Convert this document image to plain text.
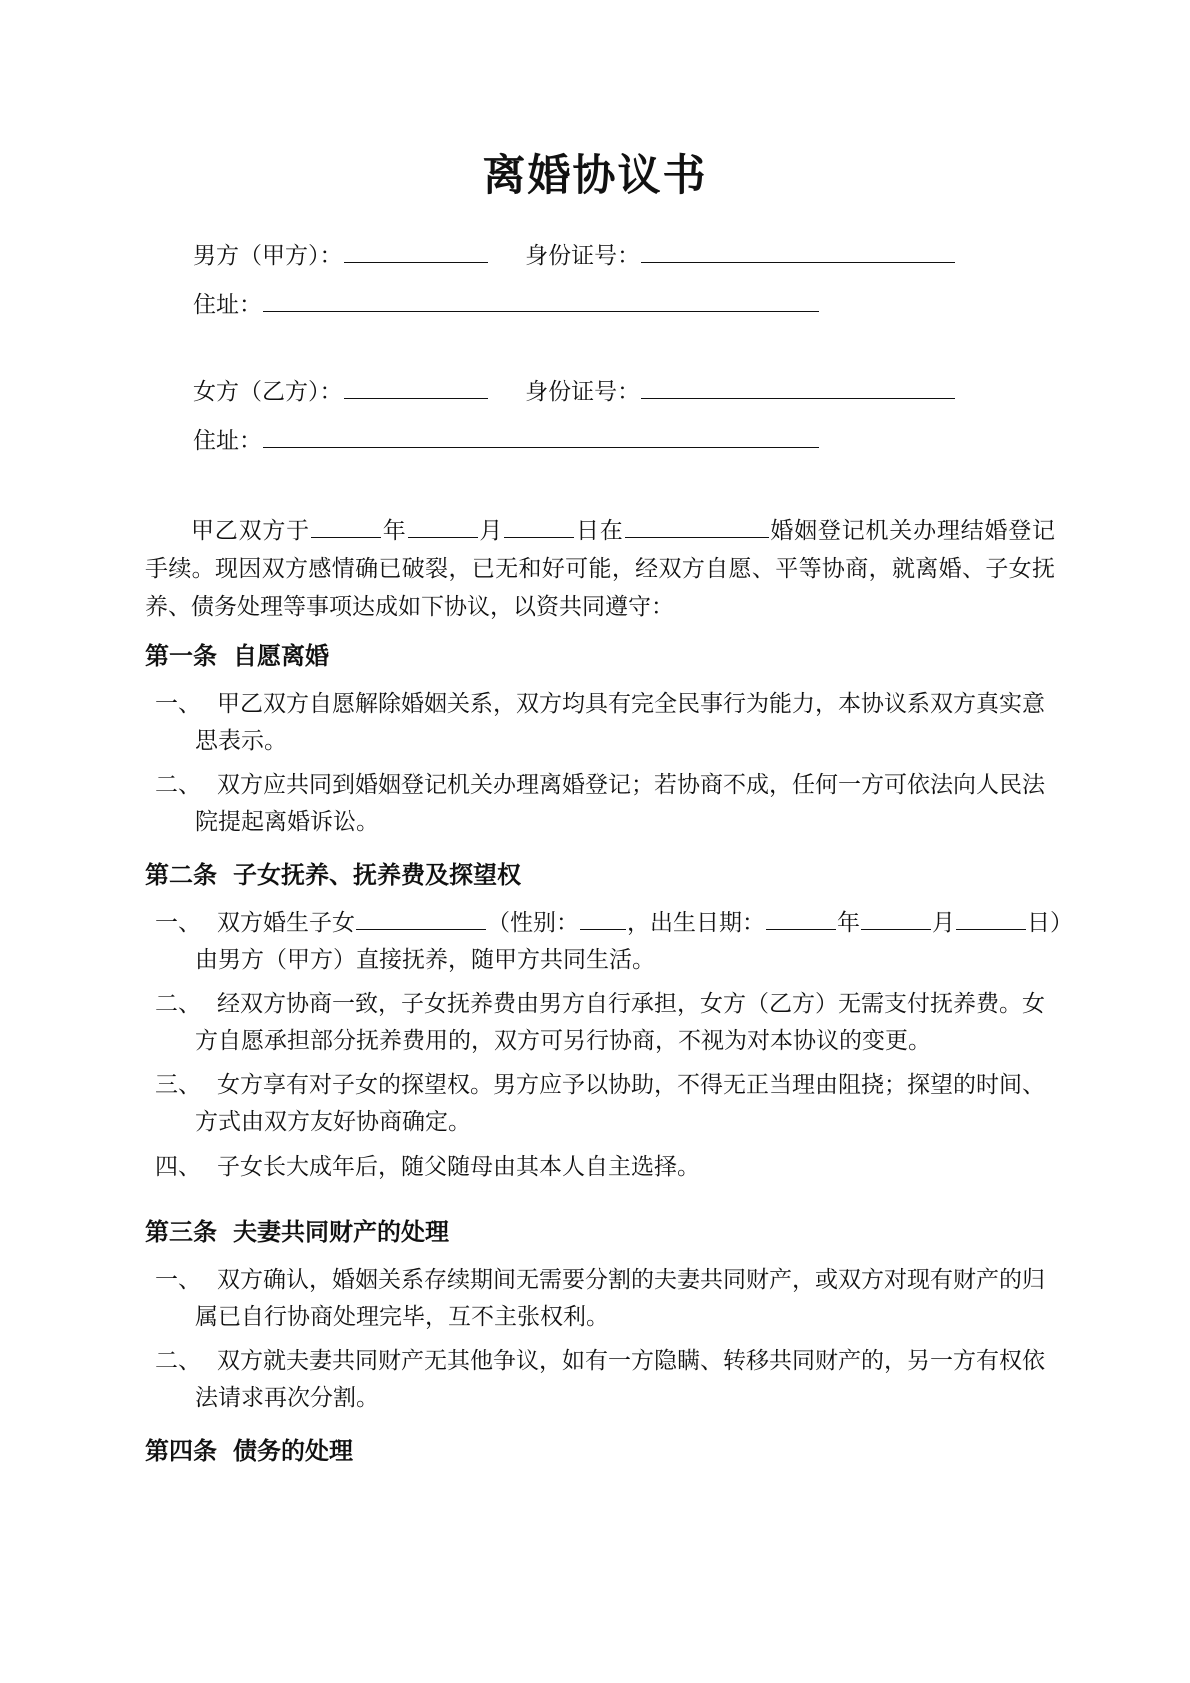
离婚协议书
男方（甲方）：	身份证号：
住址：
女方（乙方）：	身份证号：
住址：
甲乙双方于	年	月	日在	婚姻登记机关办理结婚登记手续。现因双方感情确已破裂，已无和好可能，经双方自愿、平等协商，就离婚、子女抚养、债务处理等事项达成如下协议，以资共同遵守：
第一条 自愿离婚
一、 甲乙双方自愿解除婚姻关系，双方均具有完全民事行为能力，本协议系双方真实意思表示。
二、 双方应共同到婚姻登记机关办理离婚登记；若协商不成，任何一方可依法向人民法院提起离婚诉讼。
第二条 子女抚养、抚养费及探望权
一、 双方婚生子女	（性别： ，出生日期：	年	月	日）由男方（甲方）直接抚养，随甲方共同生活。
二、 经双方协商一致，子女抚养费由男方自行承担，女方（乙方）无需支付抚养费。女方自愿承担部分抚养费用的，双方可另行协商，不视为对本协议的变更。
三、 女方享有对子女的探望权。男方应予以协助，不得无正当理由阻挠；探望的时间、方式由双方友好协商确定。
四、 子女长大成年后，随父随母由其本人自主选择。
第三条 夫妻共同财产的处理
一、 双方确认，婚姻关系存续期间无需要分割的夫妻共同财产，或双方对现有财产的归属已自行协商处理完毕，互不主张权利。
二、 双方就夫妻共同财产无其他争议，如有一方隐瞒、转移共同财产的，另一方有权依法请求再次分割。
第四条 债务的处理
